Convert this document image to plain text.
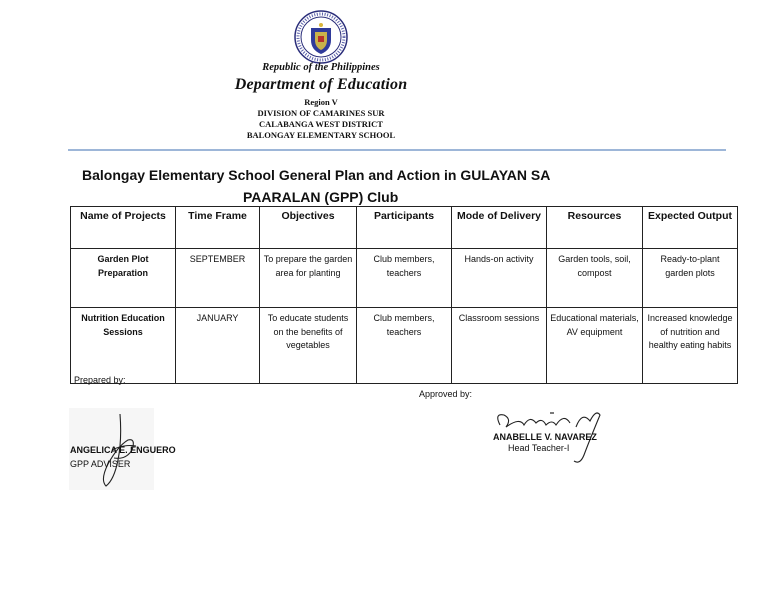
Republic of the Philippines
Department of Education
Region V
DIVISION OF CAMARINES SUR
CALABANGA WEST DISTRICT
BALONGAY ELEMENTARY SCHOOL
Balongay Elementary School General Plan and Action in GULAYAN SA
PAARALAN (GPP) Club
Name of Projects	Time Frame	Objectives	Participants	Mode of Delivery	Resources	Expected Output
Garden Plot Preparation	SEPTEMBER	To prepare the garden area for planting	Club members, teachers	Hands-on activity	Garden tools, soil, compost	Ready-to-plant garden plots
Nutrition Education Sessions	JANUARY	To educate students on the benefits of vegetables	Club members, teachers	Classroom sessions	Educational materials, AV equipment	Increased knowledge of nutrition and healthy eating habits
Prepared by:
Approved by:
ANGELICA E. ENGUERO
GPP ADVISER
ANABELLE V. NAVAREZ
Head Teacher-I
